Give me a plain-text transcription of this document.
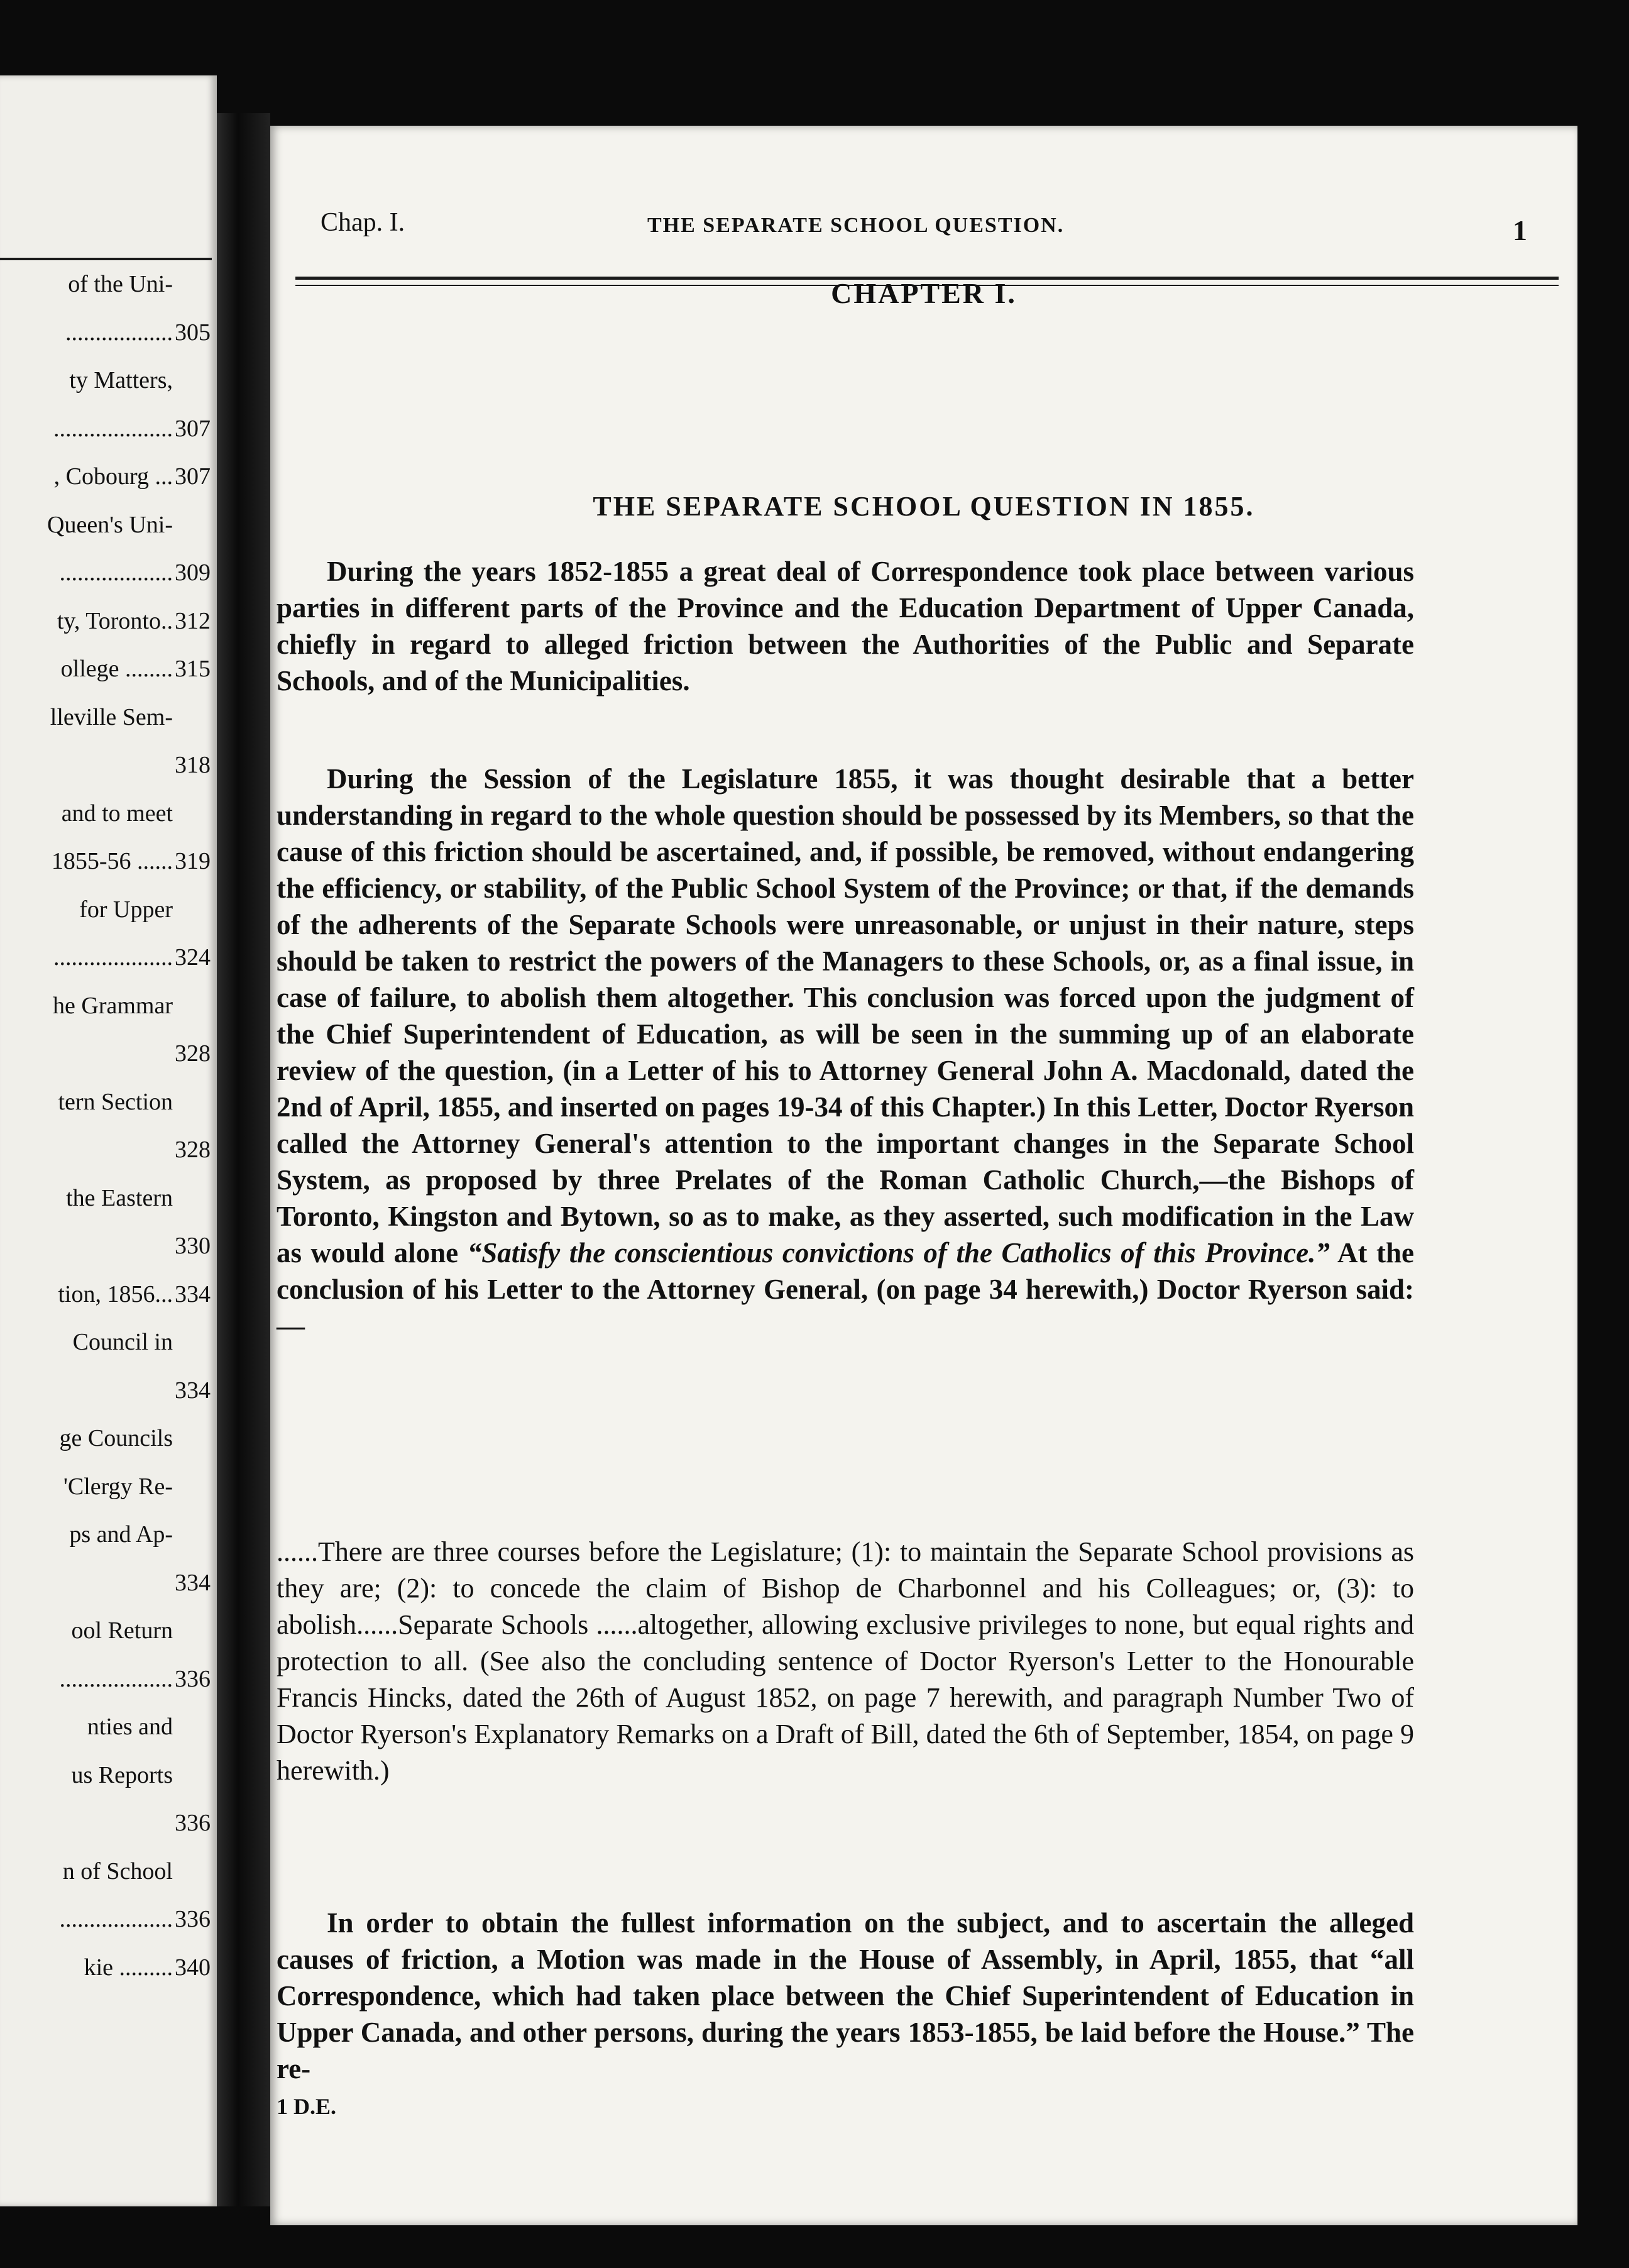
of the Uni-
..................305
ty Matters,
....................307
, Cobourg ...307
Queen's Uni-
...................309
ty, Toronto..312
ollege ........315
lleville Sem-
318
and to meet
1855-56 ......319
for Upper
....................324
he Grammar
328
tern Section
328
the Eastern
330
tion, 1856...334
Council in
334
ge Councils
'Clergy Re-
ps and Ap-
334
ool Return
...................336
nties and
us Reports
336
n of School
...................336
kie .........340
Chap. I.	THE SEPARATE SCHOOL QUESTION.	1
CHAPTER I.
THE SEPARATE SCHOOL QUESTION IN 1855.
During the years 1852-1855 a great deal of Correspondence took place between various parties in different parts of the Province and the Education Department of Upper Canada, chiefly in regard to alleged friction between the Authorities of the Public and Separate Schools, and of the Municipalities.
During the Session of the Legislature 1855, it was thought desirable that a better understanding in regard to the whole question should be possessed by its Members, so that the cause of this friction should be ascertained, and, if possible, be removed, without endangering the efficiency, or stability, of the Public School System of the Province; or that, if the demands of the adherents of the Separate Schools were unreasonable, or unjust in their nature, steps should be taken to restrict the powers of the Managers to these Schools, or, as a final issue, in case of failure, to abolish them altogether. This conclusion was forced upon the judgment of the Chief Superintendent of Education, as will be seen in the summing up of an elaborate review of the question, (in a Letter of his to Attorney General John A. Macdonald, dated the 2nd of April, 1855, and inserted on pages 19-34 of this Chapter.) In this Letter, Doctor Ryerson called the Attorney General's attention to the important changes in the Separate School System, as proposed by three Prelates of the Roman Catholic Church,—the Bishops of Toronto, Kingston and Bytown, so as to make, as they asserted, such modification in the Law as would alone “Satisfy the conscientious convictions of the Catholics of this Province.” At the conclusion of his Letter to the Attorney General, (on page 34 herewith,) Doctor Ryerson said:—
......There are three courses before the Legislature; (1): to maintain the Separate School provisions as they are; (2): to concede the claim of Bishop de Charbonnel and his Colleagues; or, (3): to abolish......Separate Schools ......altogether, allowing exclusive privileges to none, but equal rights and protection to all. (See also the concluding sentence of Doctor Ryerson's Letter to the Honourable Francis Hincks, dated the 26th of August 1852, on page 7 herewith, and paragraph Number Two of Doctor Ryerson's Explanatory Remarks on a Draft of Bill, dated the 6th of September, 1854, on page 9 herewith.)
In order to obtain the fullest information on the subject, and to ascertain the alleged causes of friction, a Motion was made in the House of Assembly, in April, 1855, that “all Correspondence, which had taken place between the Chief Superintendent of Education in Upper Canada, and other persons, during the years 1853-1855, be laid before the House.” The re-
1 D.E.
